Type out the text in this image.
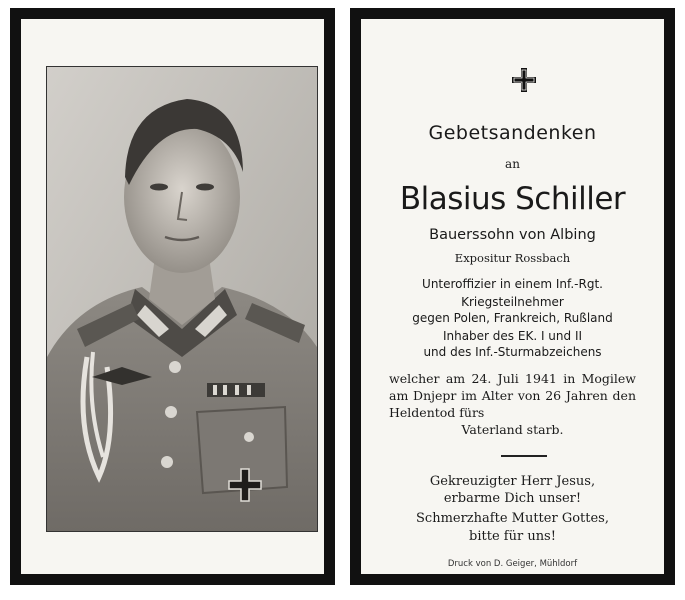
Gebetsandenken
an
Blasius Schiller
Bauerssohn von Albing
Expositur Rossbach
Unteroffizier in einem Inf.-Rgt.
Kriegsteilnehmer
gegen Polen, Frankreich, Rußland
Inhaber des EK. I und II
und des Inf.-Sturmabzeichens
welcher am 24. Juli 1941 in Mogilew am Dnjepr im Alter von 26 Jahren den Heldentod fürs
Vaterland starb.
Gekreuzigter Herr Jesus,
erbarme Dich unser!
Schmerzhafte Mutter Gottes,
bitte für uns!
Druck von D. Geiger, Mühldorf
